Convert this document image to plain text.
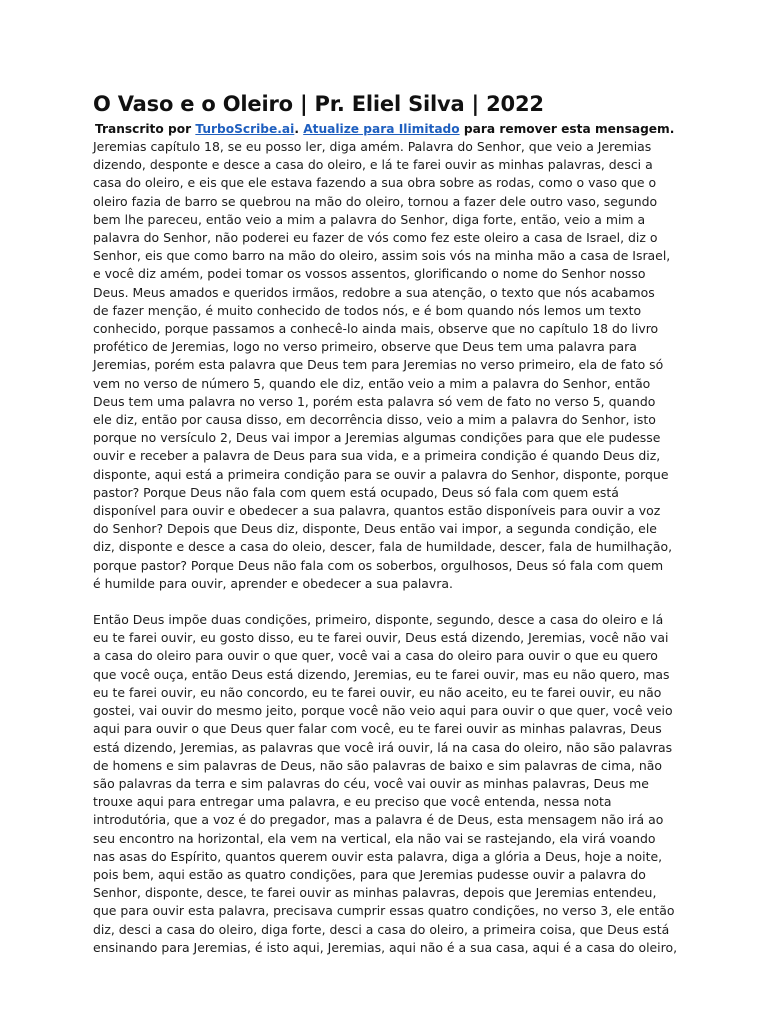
O Vaso e o Oleiro | Pr. Eliel Silva | 2022

Transcrito por TurboScribe.ai. Atualize para Ilimitado para remover esta mensagem.

Jeremias capítulo 18, se eu posso ler, diga amém. Palavra do Senhor, que veio a Jeremias
dizendo, desponte e desce a casa do oleiro, e lá te farei ouvir as minhas palavras, desci a
casa do oleiro, e eis que ele estava fazendo a sua obra sobre as rodas, como o vaso que o
oleiro fazia de barro se quebrou na mão do oleiro, tornou a fazer dele outro vaso, segundo
bem lhe pareceu, então veio a mim a palavra do Senhor, diga forte, então, veio a mim a
palavra do Senhor, não poderei eu fazer de vós como fez este oleiro a casa de Israel, diz o
Senhor, eis que como barro na mão do oleiro, assim sois vós na minha mão a casa de Israel,
e você diz amém, podei tomar os vossos assentos, glorificando o nome do Senhor nosso
Deus. Meus amados e queridos irmãos, redobre a sua atenção, o texto que nós acabamos
de fazer menção, é muito conhecido de todos nós, e é bom quando nós lemos um texto
conhecido, porque passamos a conhecê-lo ainda mais, observe que no capítulo 18 do livro
profético de Jeremias, logo no verso primeiro, observe que Deus tem uma palavra para
Jeremias, porém esta palavra que Deus tem para Jeremias no verso primeiro, ela de fato só
vem no verso de número 5, quando ele diz, então veio a mim a palavra do Senhor, então
Deus tem uma palavra no verso 1, porém esta palavra só vem de fato no verso 5, quando
ele diz, então por causa disso, em decorrência disso, veio a mim a palavra do Senhor, isto
porque no versículo 2, Deus vai impor a Jeremias algumas condições para que ele pudesse
ouvir e receber a palavra de Deus para sua vida, e a primeira condição é quando Deus diz,
disponte, aqui está a primeira condição para se ouvir a palavra do Senhor, disponte, porque
pastor? Porque Deus não fala com quem está ocupado, Deus só fala com quem está
disponível para ouvir e obedecer a sua palavra, quantos estão disponíveis para ouvir a voz
do Senhor? Depois que Deus diz, disponte, Deus então vai impor, a segunda condição, ele
diz, disponte e desce a casa do oleio, descer, fala de humildade, descer, fala de humilhação,
porque pastor? Porque Deus não fala com os soberbos, orgulhosos, Deus só fala com quem
é humilde para ouvir, aprender e obedecer a sua palavra.
Então Deus impõe duas condições, primeiro, disponte, segundo, desce a casa do oleiro e lá
eu te farei ouvir, eu gosto disso, eu te farei ouvir, Deus está dizendo, Jeremias, você não vai
a casa do oleiro para ouvir o que quer, você vai a casa do oleiro para ouvir o que eu quero
que você ouça, então Deus está dizendo, Jeremias, eu te farei ouvir, mas eu não quero, mas
eu te farei ouvir, eu não concordo, eu te farei ouvir, eu não aceito, eu te farei ouvir, eu não
gostei, vai ouvir do mesmo jeito, porque você não veio aqui para ouvir o que quer, você veio
aqui para ouvir o que Deus quer falar com você, eu te farei ouvir as minhas palavras, Deus
está dizendo, Jeremias, as palavras que você irá ouvir, lá na casa do oleiro, não são palavras
de homens e sim palavras de Deus, não são palavras de baixo e sim palavras de cima, não
são palavras da terra e sim palavras do céu, você vai ouvir as minhas palavras, Deus me
trouxe aqui para entregar uma palavra, e eu preciso que você entenda, nessa nota
introdutória, que a voz é do pregador, mas a palavra é de Deus, esta mensagem não irá ao
seu encontro na horizontal, ela vem na vertical, ela não vai se rastejando, ela virá voando
nas asas do Espírito, quantos querem ouvir esta palavra, diga a glória a Deus, hoje a noite,
pois bem, aqui estão as quatro condições, para que Jeremias pudesse ouvir a palavra do
Senhor, disponte, desce, te farei ouvir as minhas palavras, depois que Jeremias entendeu,
que para ouvir esta palavra, precisava cumprir essas quatro condições, no verso 3, ele então
diz, desci a casa do oleiro, diga forte, desci a casa do oleiro, a primeira coisa, que Deus está
ensinando para Jeremias, é isto aqui, Jeremias, aqui não é a sua casa, aqui é a casa do oleiro,
